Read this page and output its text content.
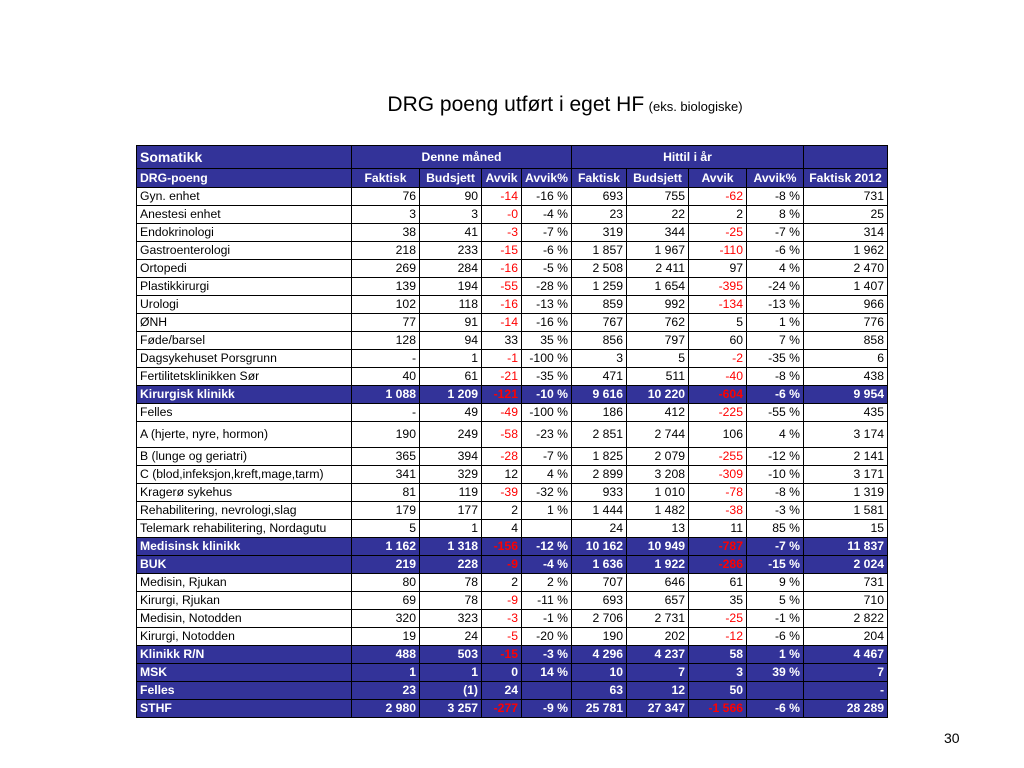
DRG poeng utført i eget HF (eks. biologiske)
Somatikk	Denne måned				Hittil i år				
DRG-poeng	Faktisk	Budsjett	Avvik	Avvik%	Faktisk	Budsjett	Avvik	Avvik%	Faktisk 2012
Gyn. enhet	76	90	-14	-16 %	693	755	-62	-8 %	731
Anestesi enhet	3	3	-0	-4 %	23	22	2	8 %	25
Endokrinologi	38	41	-3	-7 %	319	344	-25	-7 %	314
Gastroenterologi	218	233	-15	-6 %	1 857	1 967	-110	-6 %	1 962
Ortopedi	269	284	-16	-5 %	2 508	2 411	97	4 %	2 470
Plastikkirurgi	139	194	-55	-28 %	1 259	1 654	-395	-24 %	1 407
Urologi	102	118	-16	-13 %	859	992	-134	-13 %	966
ØNH	77	91	-14	-16 %	767	762	5	1 %	776
Føde/barsel	128	94	33	35 %	856	797	60	7 %	858
Dagsykehuset Porsgrunn	-	1	-1	-100 %	3	5	-2	-35 %	6
Fertilitetsklinikken Sør	40	61	-21	-35 %	471	511	-40	-8 %	438
Kirurgisk klinikk	1 088	1 209	-121	-10 %	9 616	10 220	-604	-6 %	9 954
Felles	-	49	-49	-100 %	186	412	-225	-55 %	435
A (hjerte, nyre, hormon)	190	249	-58	-23 %	2 851	2 744	106	4 %	3 174
B (lunge og geriatri)	365	394	-28	-7 %	1 825	2 079	-255	-12 %	2 141
C (blod,infeksjon,kreft,mage,tarm)	341	329	12	4 %	2 899	3 208	-309	-10 %	3 171
Kragerø sykehus	81	119	-39	-32 %	933	1 010	-78	-8 %	1 319
Rehabilitering, nevrologi,slag	179	177	2	1 %	1 444	1 482	-38	-3 %	1 581
Telemark rehabilitering, Nordagutu	5	1	4		24	13	11	85 %	15
Medisinsk klinikk	1 162	1 318	-156	-12 %	10 162	10 949	-787	-7 %	11 837
BUK	219	228	-9	-4 %	1 636	1 922	-286	-15 %	2 024
Medisin, Rjukan	80	78	2	2 %	707	646	61	9 %	731
Kirurgi, Rjukan	69	78	-9	-11 %	693	657	35	5 %	710
Medisin, Notodden	320	323	-3	-1 %	2 706	2 731	-25	-1 %	2 822
Kirurgi, Notodden	19	24	-5	-20 %	190	202	-12	-6 %	204
Klinikk R/N	488	503	-15	-3 %	4 296	4 237	58	1 %	4 467
MSK	1	1	0	14 %	10	7	3	39 %	7
Felles	23	(1)	24		63	12	50		-
STHF	2 980	3 257	-277	-9 %	25 781	27 347	-1 566	-6 %	28 289
30
